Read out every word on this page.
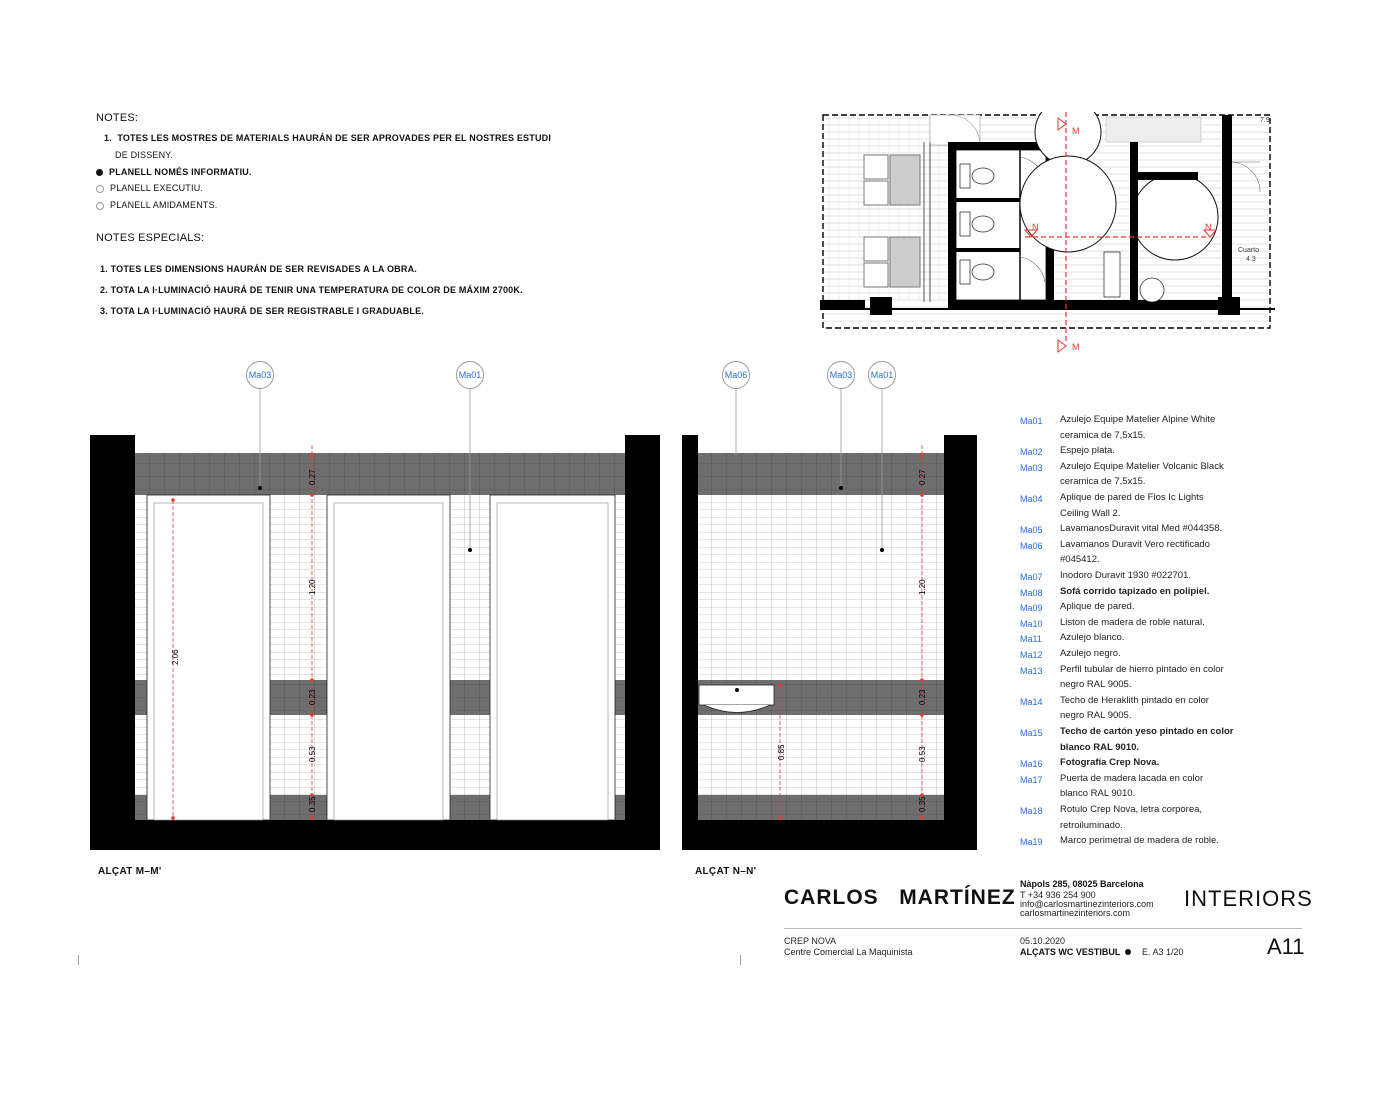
NOTES:
1. TOTES LES MOSTRES DE MATERIALS HAURÁN DE SER APROVADES PER EL NOSTRES ESTUDI
DE DISSENY.
PLANELL NOMÉS INFORMATIU.
PLANELL EXECUTIU.
PLANELL AMIDAMENTS.
NOTES ESPECIALS:
1. TOTES LES DIMENSIONS HAURÁN DE SER REVISADES A LA OBRA.
2. TOTA LA I·LUMINACIÓ HAURÁ DE TENIR UNA TEMPERATURA DE COLOR DE MÁXIM 2700K.
3. TOTA LA I·LUMINACIÓ HAURÁ DE SER REGISTRABLE I GRADUABLE.
M
M
N	N
Cuarto
4.3
7.9
2.06
0.27
1.20
0.23
0.53
0.35
Ma03	Ma01
0.85
0.27
1.20
0.23
0.53
0.35
Ma06	Ma03	Ma01
ALÇAT M–M'	ALÇAT N–N'
Ma01 Azulejo Equipe Matelier Alpine White
ceramica de 7,5x15.
Ma02 Espejo plata.
Ma03 Azulejo Equipe Matelier Volcanic Black
ceramica de 7,5x15.
Ma04 Aplique de pared de Flos Ic Lights
Ceiling Wall 2.
Ma05 LavamanosDuravit vital Med #044358.
Ma06 Lavamanos Duravit Vero rectificado
#045412.
Ma07 Inodoro Duravit 1930 #022701.
Ma08 Sofá corrido tapizado en polipiel.
Ma09 Aplique de pared.
Ma10 Liston de madera de roble natural.
Ma11 Azulejo blanco.
Ma12 Azulejo negro.
Ma13 Perfil tubular de hierro pintado en color
negro RAL 9005.
Ma14 Techo de Heraklith pintado en color
negro RAL 9005.
Ma15 Techo de cartón yeso pintado en color
blanco RAL 9010.
Ma16 Fotografía Crep Nova.
Ma17 Puerta de madera lacada en color
blanco RAL 9010.
Ma18 Rotulo Crep Nova, letra corporea,
retroiluminado.
Ma19 Marco perimetral de madera de roble.
CARLOS MARTÍNEZ
Nàpols 285, 08025 Barcelona
T +34 936 254 900
info@carlosmartinezinteriors.com
carlosmartinezinteriors.com
INTERIORS
CREP NOVA
Centre Comercial La Maquinista
05.10.2020
ALÇATS WC VESTIBUL E. A3 1/20	A11
